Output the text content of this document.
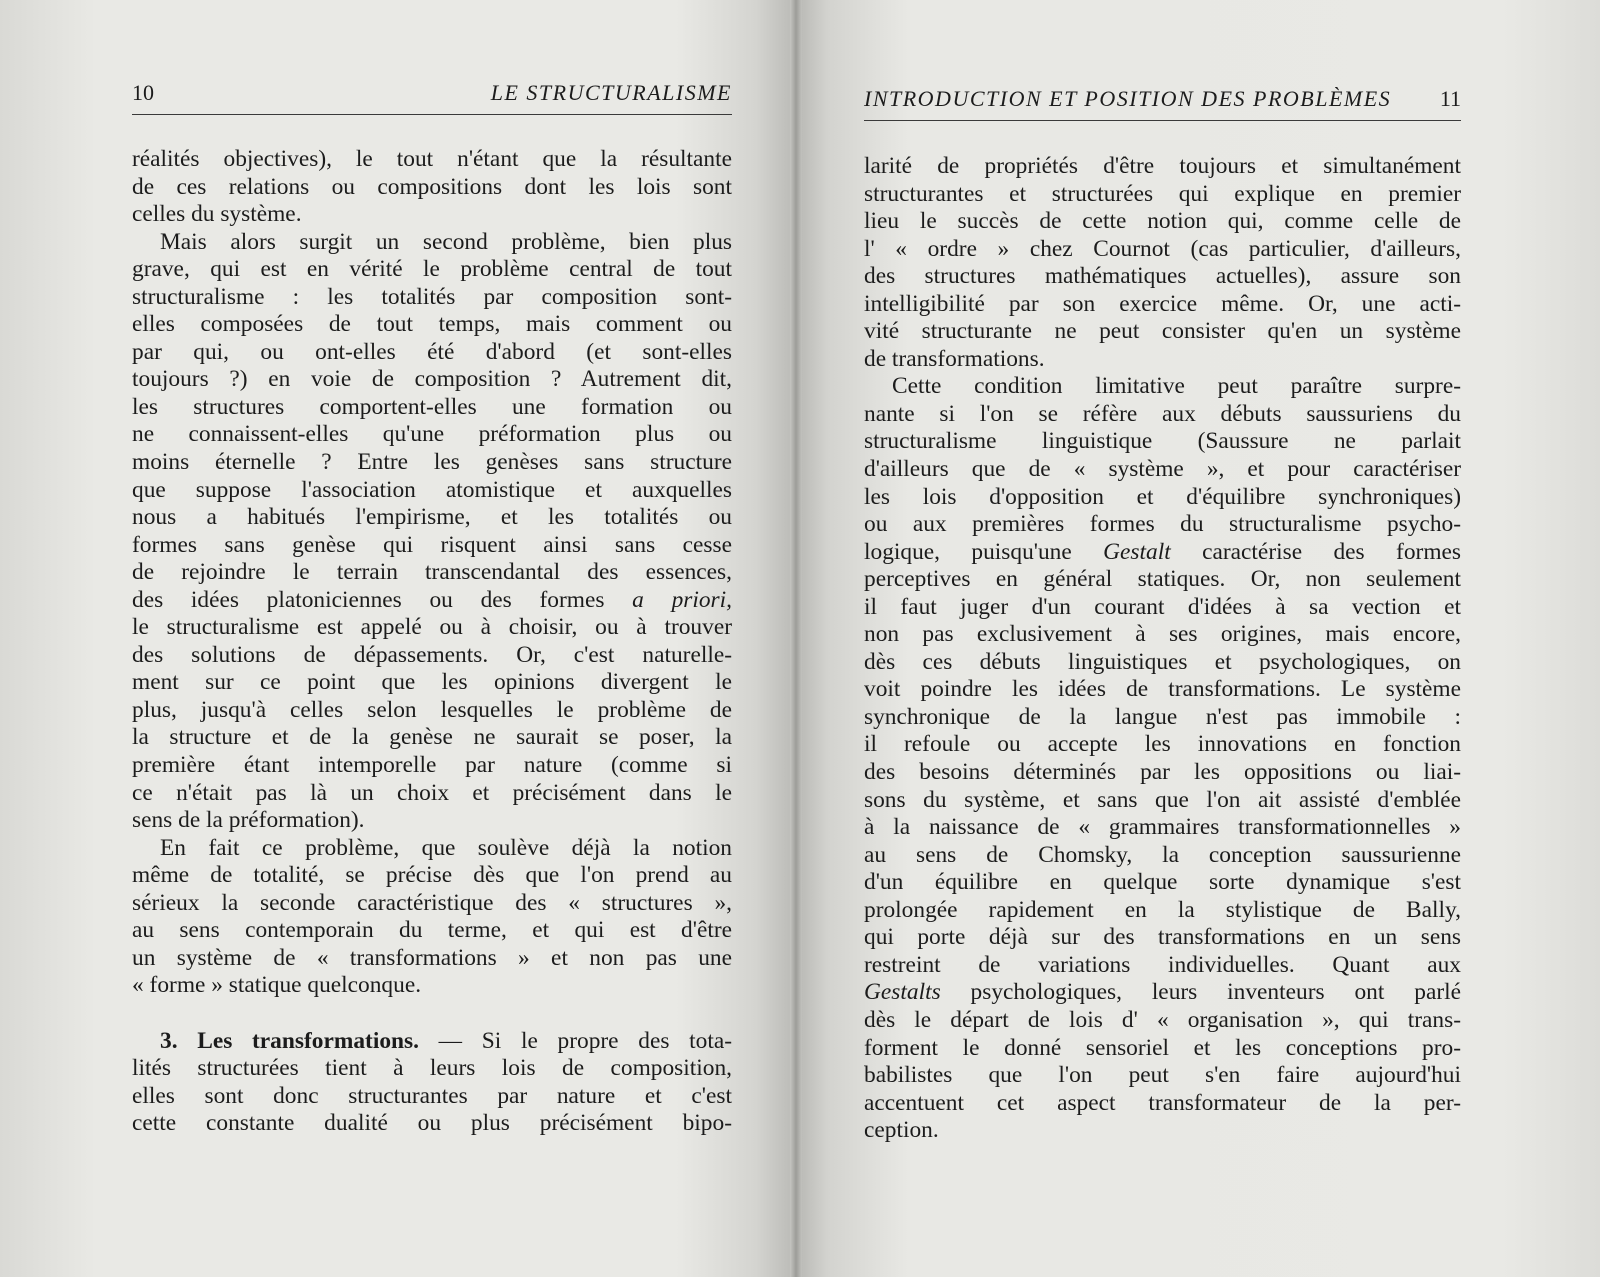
10	LE STRUCTURALISME
réalités objectives), le tout n'étant que la résultante
de ces relations ou compositions dont les lois sont
celles du système.
Mais alors surgit un second problème, bien plus
grave, qui est en vérité le problème central de tout
structuralisme : les totalités par composition sont-
elles composées de tout temps, mais comment ou
par qui, ou ont-elles été d'abord (et sont-elles
toujours ?) en voie de composition ? Autrement dit,
les structures comportent-elles une formation ou
ne connaissent-elles qu'une préformation plus ou
moins éternelle ? Entre les genèses sans structure
que suppose l'association atomistique et auxquelles
nous a habitués l'empirisme, et les totalités ou
formes sans genèse qui risquent ainsi sans cesse
de rejoindre le terrain transcendantal des essences,
des idées platoniciennes ou des formes a priori,
le structuralisme est appelé ou à choisir, ou à trouver
des solutions de dépassements. Or, c'est naturelle-
ment sur ce point que les opinions divergent le
plus, jusqu'à celles selon lesquelles le problème de
la structure et de la genèse ne saurait se poser, la
première étant intemporelle par nature (comme si
ce n'était pas là un choix et précisément dans le
sens de la préformation).
En fait ce problème, que soulève déjà la notion
même de totalité, se précise dès que l'on prend au
sérieux la seconde caractéristique des « structures »,
au sens contemporain du terme, et qui est d'être
un système de « transformations » et non pas une
« forme » statique quelconque.
3. Les transformations. — Si le propre des tota-
lités structurées tient à leurs lois de composition,
elles sont donc structurantes par nature et c'est
cette constante dualité ou plus précisément bipo-
INTRODUCTION ET POSITION DES PROBLÈMES 11
larité de propriétés d'être toujours et simultanément
structurantes et structurées qui explique en premier
lieu le succès de cette notion qui, comme celle de
l' « ordre » chez Cournot (cas particulier, d'ailleurs,
des structures mathématiques actuelles), assure son
intelligibilité par son exercice même. Or, une acti-
vité structurante ne peut consister qu'en un système
de transformations.
Cette condition limitative peut paraître surpre-
nante si l'on se réfère aux débuts saussuriens du
structuralisme linguistique (Saussure ne parlait
d'ailleurs que de « système », et pour caractériser
les lois d'opposition et d'équilibre synchroniques)
ou aux premières formes du structuralisme psycho-
logique, puisqu'une Gestalt caractérise des formes
perceptives en général statiques. Or, non seulement
il faut juger d'un courant d'idées à sa vection et
non pas exclusivement à ses origines, mais encore,
dès ces débuts linguistiques et psychologiques, on
voit poindre les idées de transformations. Le système
synchronique de la langue n'est pas immobile :
il refoule ou accepte les innovations en fonction
des besoins déterminés par les oppositions ou liai-
sons du système, et sans que l'on ait assisté d'emblée
à la naissance de « grammaires transformationnelles »
au sens de Chomsky, la conception saussurienne
d'un équilibre en quelque sorte dynamique s'est
prolongée rapidement en la stylistique de Bally,
qui porte déjà sur des transformations en un sens
restreint de variations individuelles. Quant aux
Gestalts psychologiques, leurs inventeurs ont parlé
dès le départ de lois d' « organisation », qui trans-
forment le donné sensoriel et les conceptions pro-
babilistes que l'on peut s'en faire aujourd'hui
accentuent cet aspect transformateur de la per-
ception.
